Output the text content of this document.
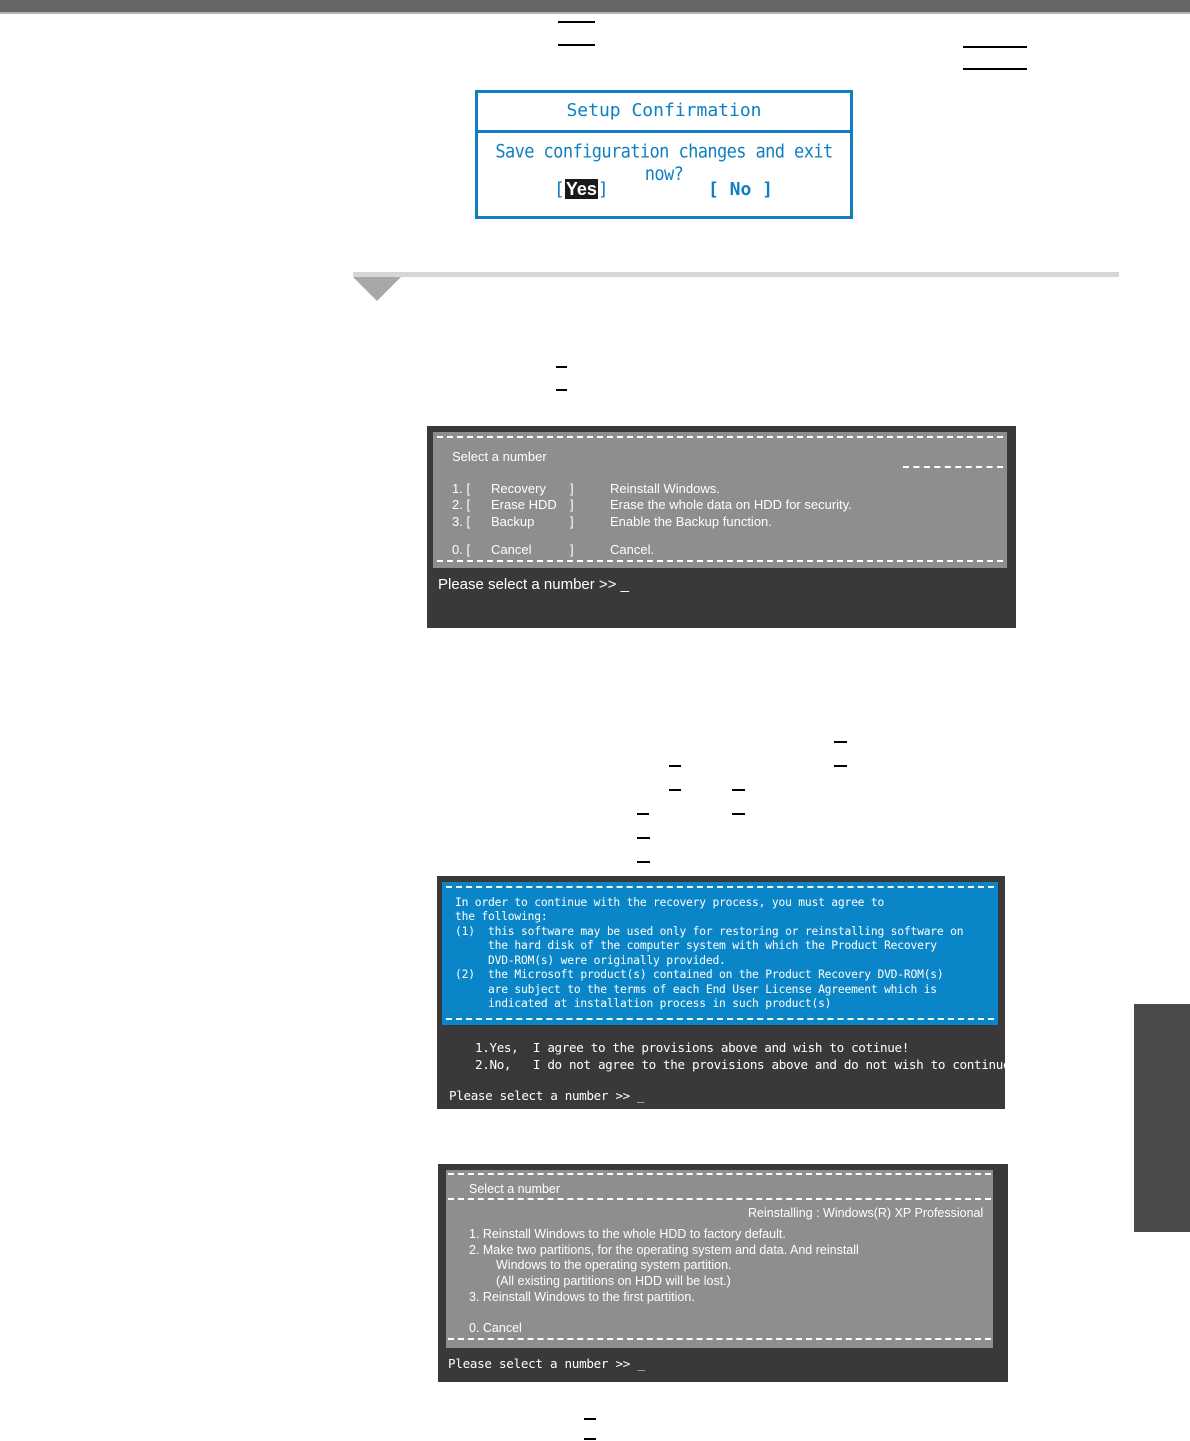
Setup Confirmation
Save configuration changes and exit now?
[Yes]	[ No ]
Select a number
1. [ Recovery ]	Reinstall Windows.
2. [ Erase HDD ]	Erase the whole data on HDD for security.
3. [ Backup	]	Enable the Backup function.
0. [ Cancel	]	Cancel.
Please select a number >> _
In order to continue with the recovery process, you must agree to
the following:
(1)  this software may be used only for restoring or reinstalling software on
the hard disk of the computer system with which the Product Recovery
DVD-ROM(s) were originally provided.
(2)  the Microsoft product(s) contained on the Product Recovery DVD-ROM(s)
are subject to the terms of each End User License Agreement which is
indicated at installation process in such product(s)
1.Yes,  I agree to the provisions above and wish to cotinue!
2.No,   I do not agree to the provisions above and do not wish to continue!
Please select a number >> _
Select a number
Reinstalling : Windows(R) XP Professional
1. Reinstall Windows to the whole HDD to factory default.
2. Make two partitions, for the operating system and data. And reinstall
Windows to the operating system partition.
(All existing partitions on HDD will be lost.)
3. Reinstall Windows to the first partition.
0. Cancel
Please select a number >> _
